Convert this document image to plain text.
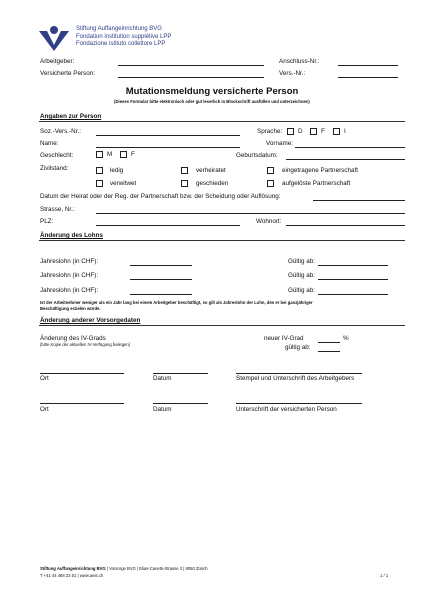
Stiftung Auffangeinrichtung BVG
Fondation institution supplétive LPP
Fondazione istituto collettore LPP
Arbeitgeber:	Anschluss-Nr.:
Versicherte Person:	Vers.-Nr.:
Mutationsmeldung versicherte Person
(Dieses Formular bitte elektronisch oder gut leserlich in Blockschrift ausfüllen und unterzeichnen)
Angaben zur Person
Soz.-Vers.-Nr.:	Sprache:	D	F	I
Name:	Vorname:
Geschlecht:	M	F	Geburtsdatum:
Zivilstand:	ledig	verheiratet	eingetragene Partnerschaft
verwitwet	geschieden	aufgelöste Partnerschaft
Datum der Heirat oder der Reg. der Partnerschaft bzw. der Scheidung oder Auflösung:
Strasse, Nr.:
PLZ:	Wohnort:
Änderung des Lohns
Jahreslohn (in CHF):	Gültig ab:
Jahreslohn (in CHF):	Gültig ab:
Jahreslohn (in CHF):	Gültig ab:
Ist der Arbeitnehmer weniger als ein Jahr lang bei einem Arbeitgeber beschäftigt, so gilt als Jahreslohn der Lohn, den er bei ganzjähriger
Beschäftigung erzielen würde.
Änderung anderer Vorsorgedaten
Änderung des IV-Grads
(bitte Kopie der aktuellen IV-Verfügung beilegen)
neuer IV-Grad	%
gültig ab:
Ort	Datum	Stempel und Unterschrift des Arbeitgebers
Ort	Datum	Unterschrift der versicherten Person
Stiftung Auffangeinrichtung BVG | Vorsorge BVG | Elias-Canetti-Strasse 2 | 8050 Zürich
T +41 44 468 23 01 | www.aeis.ch	1 / 1
